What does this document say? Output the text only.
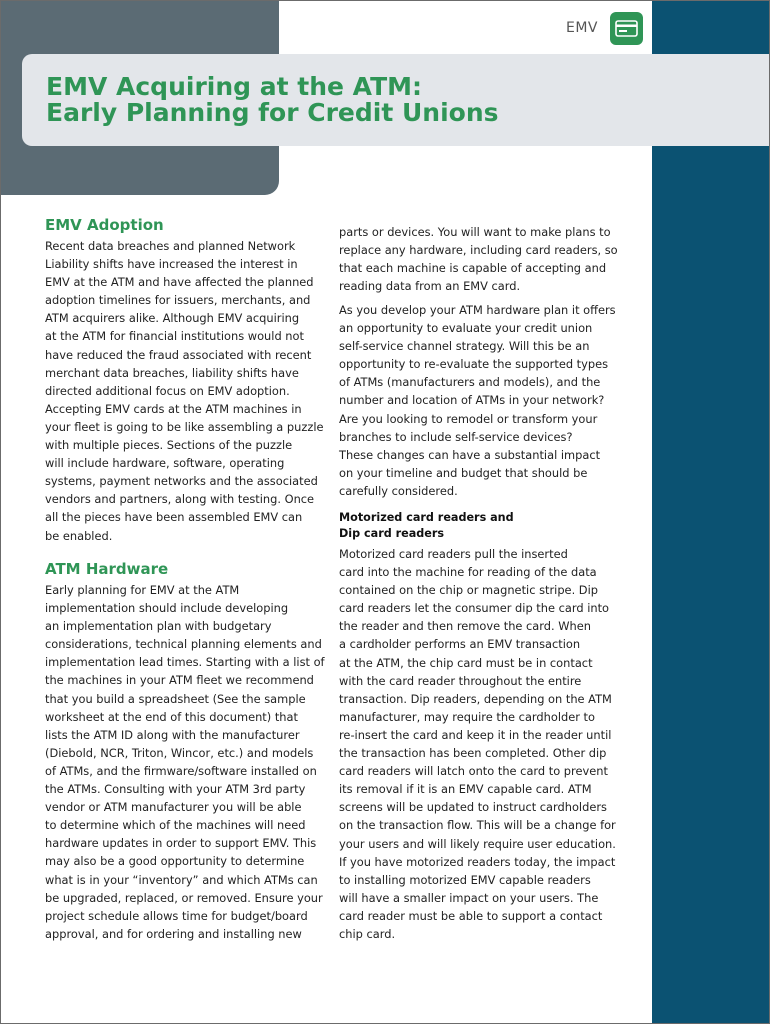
EMV
EMV Acquiring at the ATM:
Early Planning for Credit Unions
EMV Adoption
Recent data breaches and planned Network
Liability shifts have increased the interest in
EMV at the ATM and have affected the planned
adoption timelines for issuers, merchants, and
ATM acquirers alike. Although EMV acquiring
at the ATM for financial institutions would not
have reduced the fraud associated with recent
merchant data breaches, liability shifts have
directed additional focus on EMV adoption.
Accepting EMV cards at the ATM machines in
your fleet is going to be like assembling a puzzle
with multiple pieces. Sections of the puzzle
will include hardware, software, operating
systems, payment networks and the associated
vendors and partners, along with testing. Once
all the pieces have been assembled EMV can
be enabled.
ATM Hardware
Early planning for EMV at the ATM
implementation should include developing
an implementation plan with budgetary
considerations, technical planning elements and
implementation lead times. Starting with a list of
the machines in your ATM fleet we recommend
that you build a spreadsheet (See the sample
worksheet at the end of this document) that
lists the ATM ID along with the manufacturer
(Diebold, NCR, Triton, Wincor, etc.) and models
of ATMs, and the firmware/software installed on
the ATMs. Consulting with your ATM 3rd party
vendor or ATM manufacturer you will be able
to determine which of the machines will need
hardware updates in order to support EMV. This
may also be a good opportunity to determine
what is in your “inventory” and which ATMs can
be upgraded, replaced, or removed. Ensure your
project schedule allows time for budget/board
approval, and for ordering and installing new
parts or devices. You will want to make plans to
replace any hardware, including card readers, so
that each machine is capable of accepting and
reading data from an EMV card.
As you develop your ATM hardware plan it offers
an opportunity to evaluate your credit union
self-service channel strategy. Will this be an
opportunity to re-evaluate the supported types
of ATMs (manufacturers and models), and the
number and location of ATMs in your network?
Are you looking to remodel or transform your
branches to include self-service devices?
These changes can have a substantial impact
on your timeline and budget that should be
carefully considered.
Motorized card readers and
Dip card readers
Motorized card readers pull the inserted
card into the machine for reading of the data
contained on the chip or magnetic stripe. Dip
card readers let the consumer dip the card into
the reader and then remove the card. When
a cardholder performs an EMV transaction
at the ATM, the chip card must be in contact
with the card reader throughout the entire
transaction. Dip readers, depending on the ATM
manufacturer, may require the cardholder to
re-insert the card and keep it in the reader until
the transaction has been completed. Other dip
card readers will latch onto the card to prevent
its removal if it is an EMV capable card. ATM
screens will be updated to instruct cardholders
on the transaction flow. This will be a change for
your users and will likely require user education.
If you have motorized readers today, the impact
to installing motorized EMV capable readers
will have a smaller impact on your users. The
card reader must be able to support a contact
chip card.
